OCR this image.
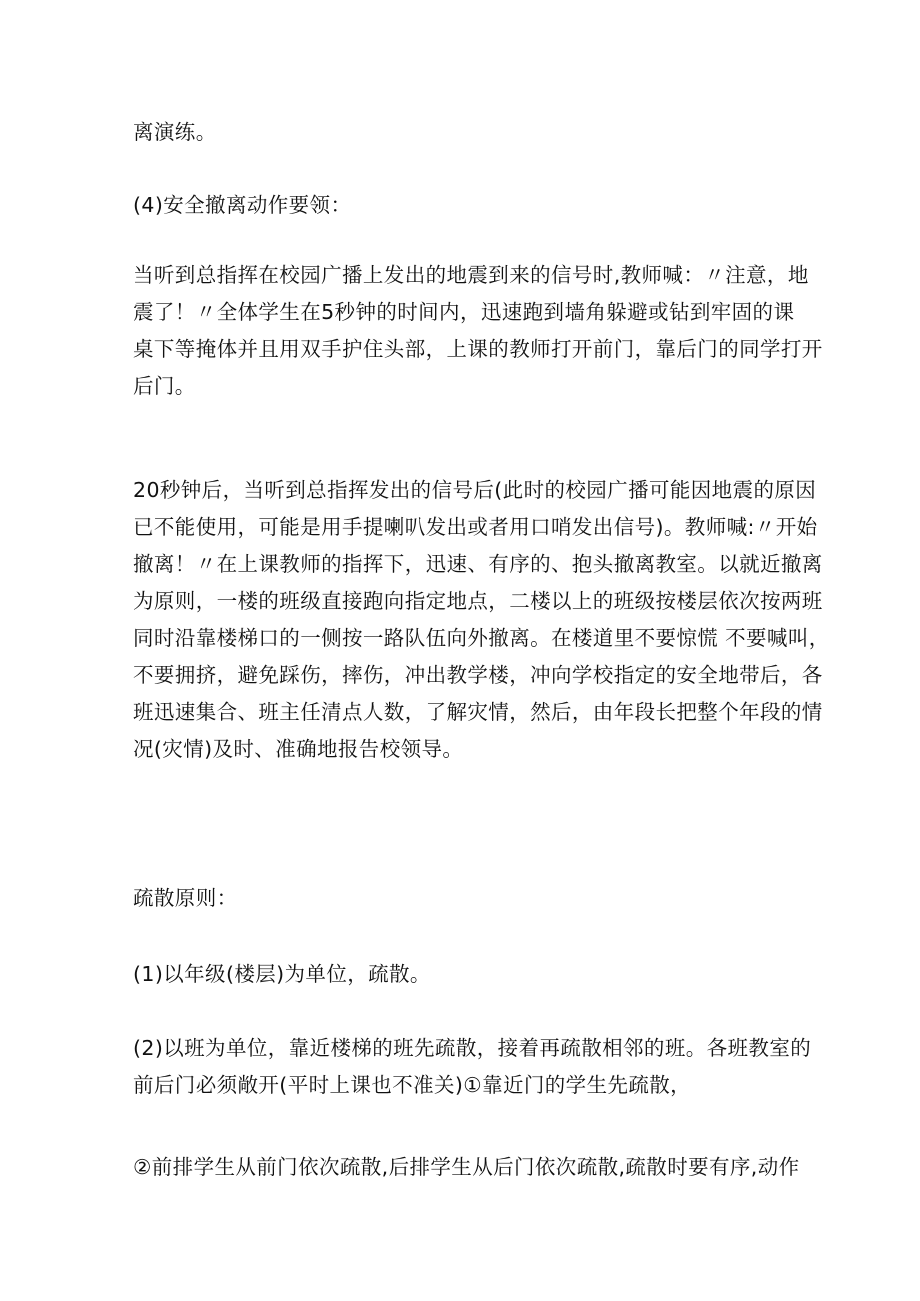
离演练。

(4)安全撤离动作要领：

当听到总指挥在校园广播上发出的地震到来的信号时,教师喊：〃注意，地
震了！〃全体学生在5秒钟的时间内，迅速跑到墙角躲避或钻到牢固的课
桌下等掩体并且用双手护住头部，上课的教师打开前门，靠后门的同学打开
后门。

20秒钟后，当听到总指挥发出的信号后(此时的校园广播可能因地震的原因
已不能使用，可能是用手提喇叭发出或者用口哨发出信号)。教师喊:〃开始
撤离！〃在上课教师的指挥下，迅速、有序的、抱头撤离教室。以就近撤离
为原则，一楼的班级直接跑向指定地点，二楼以上的班级按楼层依次按两班
同时沿靠楼梯口的一侧按一路队伍向外撤离。在楼道里不要惊慌 不要喊叫，
不要拥挤，避免踩伤，摔伤，冲出教学楼，冲向学校指定的安全地带后，各
班迅速集合、班主任清点人数，了解灾情，然后，由年段长把整个年段的情
况(灾情)及时、准确地报告校领导。

疏散原则：

(1)以年级(楼层)为单位，疏散。

(2)以班为单位，靠近楼梯的班先疏散，接着再疏散相邻的班。各班教室的
前后门必须敞开(平时上课也不准关)①靠近门的学生先疏散，

②前排学生从前门依次疏散,后排学生从后门依次疏散,疏散时要有序,动作
